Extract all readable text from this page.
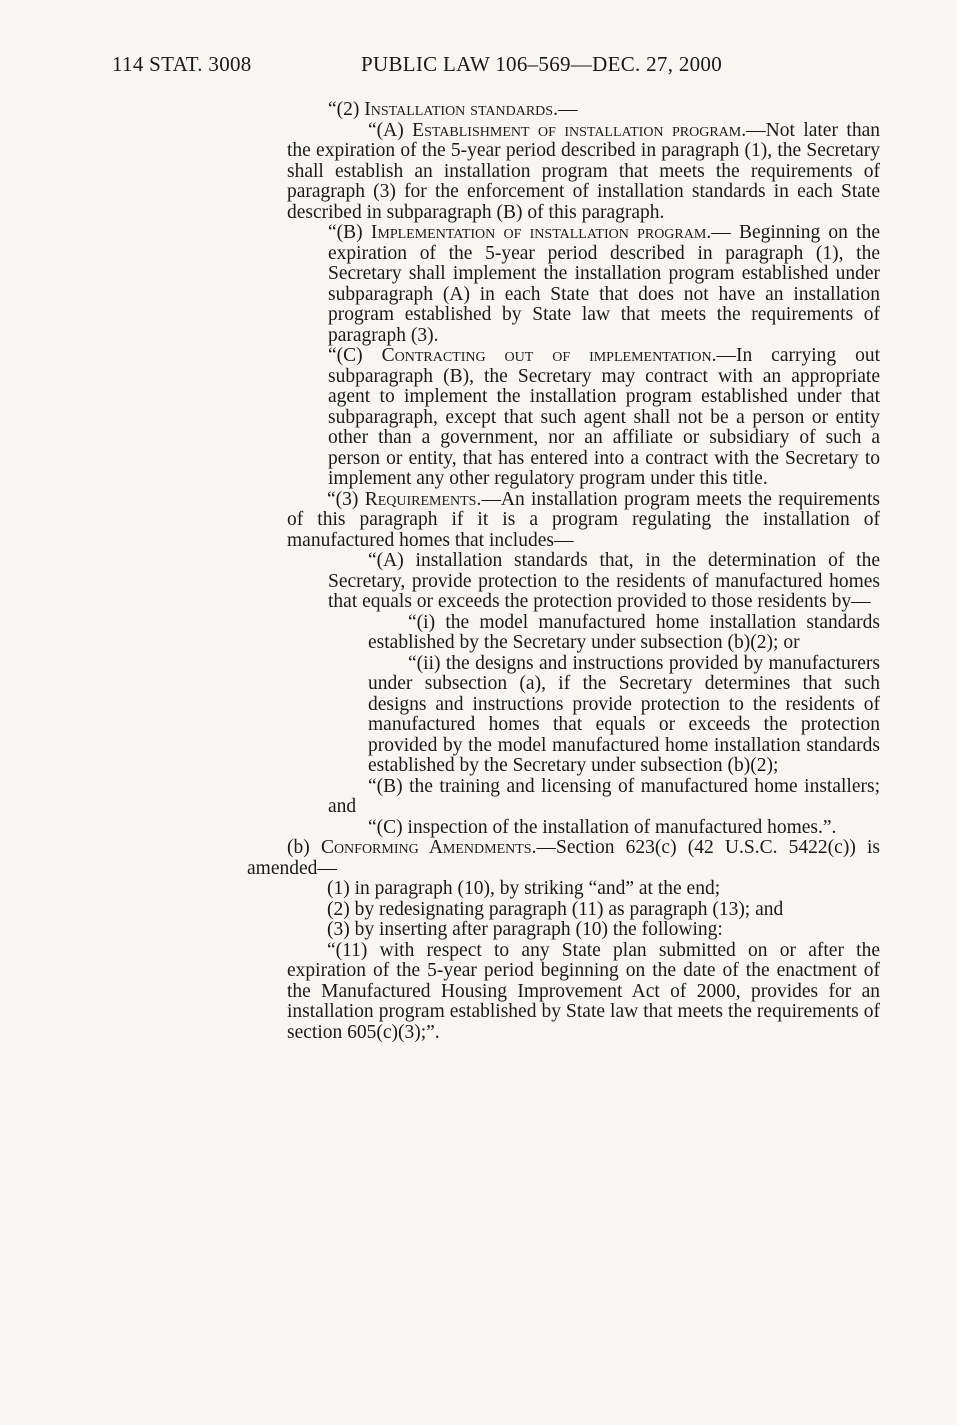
114 STAT. 3008	PUBLIC LAW 106–569—DEC. 27, 2000

“(2) Installation standards.—

“(A) Establishment of installation program.—Not later than the expiration of the 5-year period described in paragraph (1), the Secretary shall establish an installation program that meets the requirements of paragraph (3) for the enforcement of installation standards in each State described in subparagraph (B) of this paragraph.

“(B) Implementation of installation program.— Beginning on the expiration of the 5-year period described in paragraph (1), the Secretary shall implement the installation program established under subparagraph (A) in each State that does not have an installation program established by State law that meets the requirements of paragraph (3).

“(C) Contracting out of implementation.—In carrying out subparagraph (B), the Secretary may contract with an appropriate agent to implement the installation program established under that subparagraph, except that such agent shall not be a person or entity other than a government, nor an affiliate or subsidiary of such a person or entity, that has entered into a contract with the Secretary to implement any other regulatory program under this title.

“(3) Requirements.—An installation program meets the requirements of this paragraph if it is a program regulating the installation of manufactured homes that includes—

“(A) installation standards that, in the determination of the Secretary, provide protection to the residents of manufactured homes that equals or exceeds the protection provided to those residents by—

“(i) the model manufactured home installation standards established by the Secretary under subsection (b)(2); or

“(ii) the designs and instructions provided by manufacturers under subsection (a), if the Secretary determines that such designs and instructions provide protection to the residents of manufactured homes that equals or exceeds the protection provided by the model manufactured home installation standards established by the Secretary under subsection (b)(2);

“(B) the training and licensing of manufactured home installers; and

“(C) inspection of the installation of manufactured homes.”.

(b) Conforming Amendments.—Section 623(c) (42 U.S.C. 5422(c)) is amended—

(1) in paragraph (10), by striking “and” at the end;

(2) by redesignating paragraph (11) as paragraph (13); and

(3) by inserting after paragraph (10) the following:

“(11) with respect to any State plan submitted on or after the expiration of the 5-year period beginning on the date of the enactment of the Manufactured Housing Improvement Act of 2000, provides for an installation program established by State law that meets the requirements of section 605(c)(3);”.
